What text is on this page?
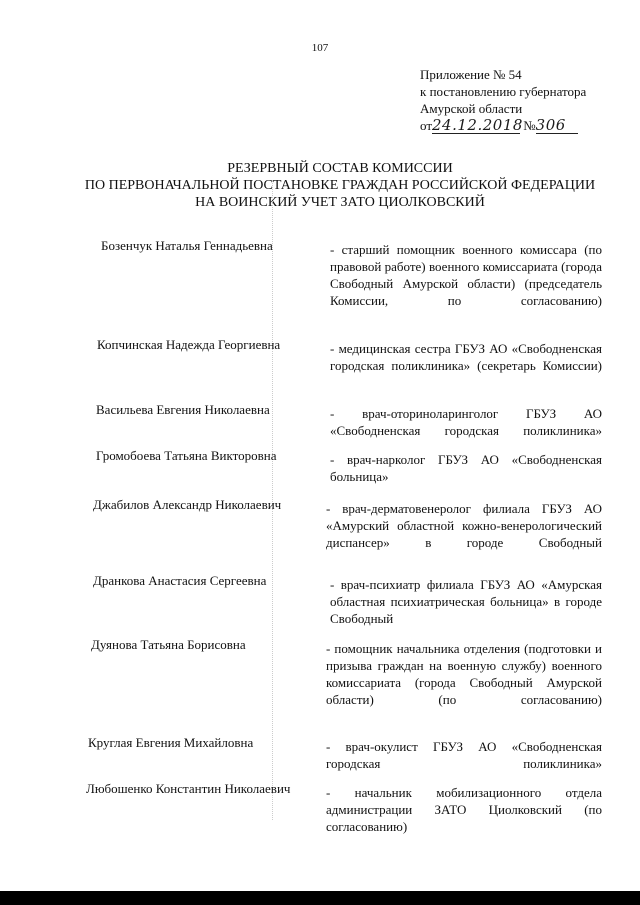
107
Приложение № 54
к постановлению губернатора
Амурской области
от24.12.2018 №306
РЕЗЕРВНЫЙ СОСТАВ КОМИССИИ
ПО ПЕРВОНАЧАЛЬНОЙ ПОСТАНОВКЕ ГРАЖДАН РОССИЙСКОЙ ФЕДЕРАЦИИ
НА ВОИНСКИЙ УЧЕТ ЗАТО ЦИОЛКОВСКИЙ
Бозенчук Наталья Геннадьевна	- старший помощник военного комиссара (по правовой работе) военного комиссариата (города Свободный Амурской области) (председатель Комиссии, по согласованию)
Копчинская Надежда Георгиевна	- медицинская сестра ГБУЗ АО «Свободненская городская поликлиника» (секретарь Комиссии)
Васильева Евгения Николаевна	- врач-оториноларинголог ГБУЗ АО «Свободненская городская поликлиника»
Громобоева Татьяна Викторовна	- врач-нарколог ГБУЗ АО «Свободненская больница»
Джабилов Александр Николаевич	- врач-дерматовенеролог филиала ГБУЗ АО «Амурский областной кожно-венерологический диспансер» в городе Свободный
Дранкова Анастасия Сергеевна	- врач-психиатр филиала ГБУЗ АО «Амурская областная психиатрическая больница» в городе Свободный
Дуянова Татьяна Борисовна	- помощник начальника отделения (подготовки и призыва граждан на военную службу) военного комиссариата (города Свободный Амурской области) (по согласованию)
Круглая Евгения Михайловна	- врач-окулист ГБУЗ АО «Свободненская городская поликлиника»
Любошенко Константин Николаевич	- начальник мобилизационного отдела администрации ЗАТО Циолковский (по согласованию)
